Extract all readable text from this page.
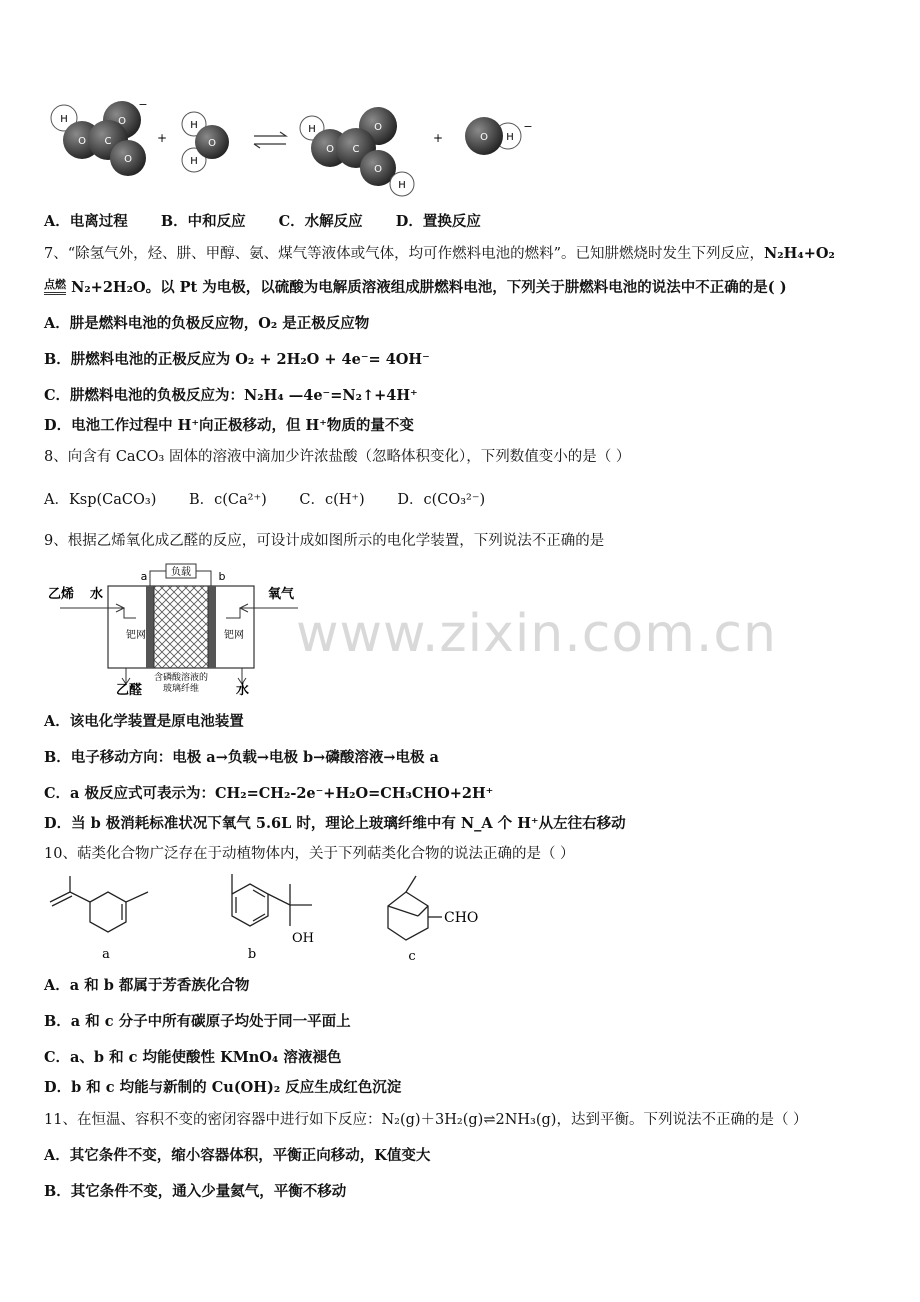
www.zixin.com.cn
H
O
O
C
O
−
+
H
H
O
H
O
O
C
O
H
+	O H
−
A．电离过程 B．中和反应 C．水解反应 D．置换反应
7、“除氢气外，烃、肼、甲醇、氨、煤气等液体或气体，均可作燃料电池的燃料”。已知肼燃烧时发生下列反应，N₂H₄+O₂
点燃 N₂+2H₂O。以 Pt 为电极，以硫酸为电解质溶液组成肼燃料电池，下列关于肼燃料电池的说法中不正确的是( )
A．肼是燃料电池的负极反应物，O₂ 是正极反应物
B．肼燃料电池的正极反应为 O₂ + 2H₂O + 4e⁻= 4OH⁻
C．肼燃料电池的负极反应为：N₂H₄ —4e⁻=N₂↑+4H⁺
D．电池工作过程中 H⁺向正极移动，但 H⁺物质的量不变
8、向含有 CaCO₃ 固体的溶液中滴加少许浓盐酸（忽略体积变化），下列数值变小的是（ ）
A．Ksp(CaCO₃) B．c(Ca²⁺) C．c(H⁺) D．c(CO₃²⁻)
9、根据乙烯氧化成乙醛的反应，可设计成如图所示的电化学装置，下列说法不正确的是
负载
a	b
乙烯 水	氧气
钯网	钯网
乙醛	水
含磷酸溶液的
玻璃纤维
A．该电化学装置是原电池装置
B．电子移动方向：电极 a→负载→电极 b→磷酸溶液→电极 a
C．a 极反应式可表示为：CH₂=CH₂-2e⁻+H₂O=CH₃CHO+2H⁺
D．当 b 极消耗标准状况下氧气 5.6L 时，理论上玻璃纤维中有 N_A 个 H⁺从左往右移动
10、萜类化合物广泛存在于动植物体内，关于下列萜类化合物的说法正确的是（ ）
a
OH
b
CHO
c
A．a 和 b 都属于芳香族化合物
B．a 和 c 分子中所有碳原子均处于同一平面上
C．a、b 和 c 均能使酸性 KMnO₄ 溶液褪色
D．b 和 c 均能与新制的 Cu(OH)₂ 反应生成红色沉淀
11、在恒温、容积不变的密闭容器中进行如下反应：N₂(g)＋3H₂(g)⇌2NH₃(g)，达到平衡。下列说法不正确的是（ ）
A．其它条件不变，缩小容器体积，平衡正向移动，K值变大
B．其它条件不变，通入少量氦气，平衡不移动
